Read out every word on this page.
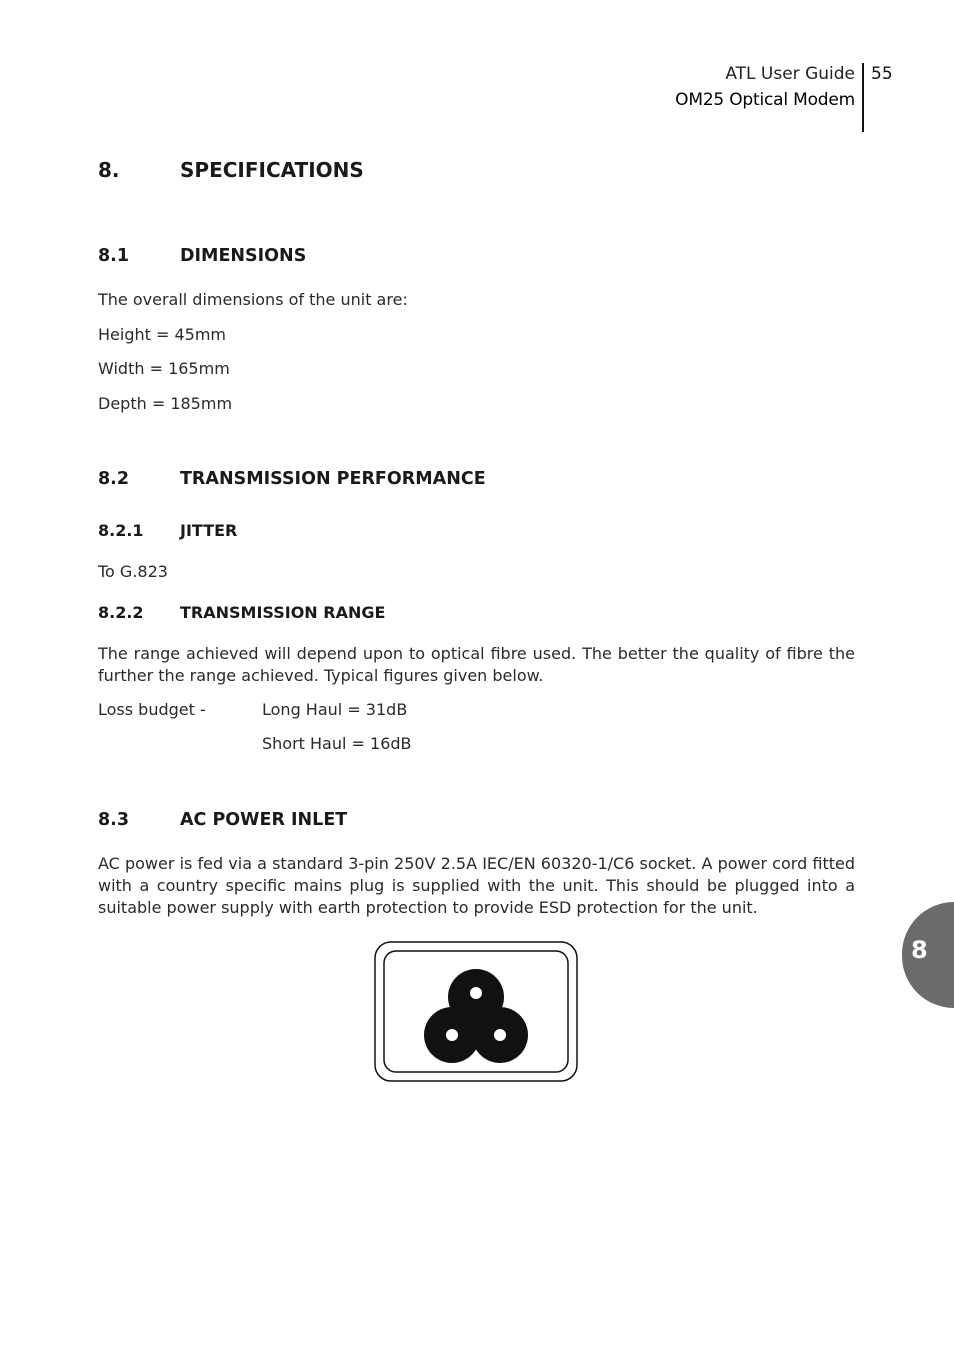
ATL User Guide
OM25 Optical Modem
55
8.	SPECIFICATIONS
8.1	DIMENSIONS
The overall dimensions of the unit are:
Height = 45mm
Width = 165mm
Depth = 185mm
8.2	TRANSMISSION PERFORMANCE
8.2.1 JITTER
To G.823
8.2.2 TRANSMISSION RANGE
The range achieved will depend upon to optical fibre used. The better the quality of fibre the further the range achieved. Typical figures given below.
Loss budget -	Long Haul = 31dB
Short Haul = 16dB
8.3	AC POWER INLET
AC power is fed via a standard 3-pin 250V 2.5A IEC/EN 60320-1/C6 socket. A power cord fitted with a country specific mains plug is supplied with the unit. This should be plugged into a suitable power supply with earth protection to provide ESD protection for the unit.
8
